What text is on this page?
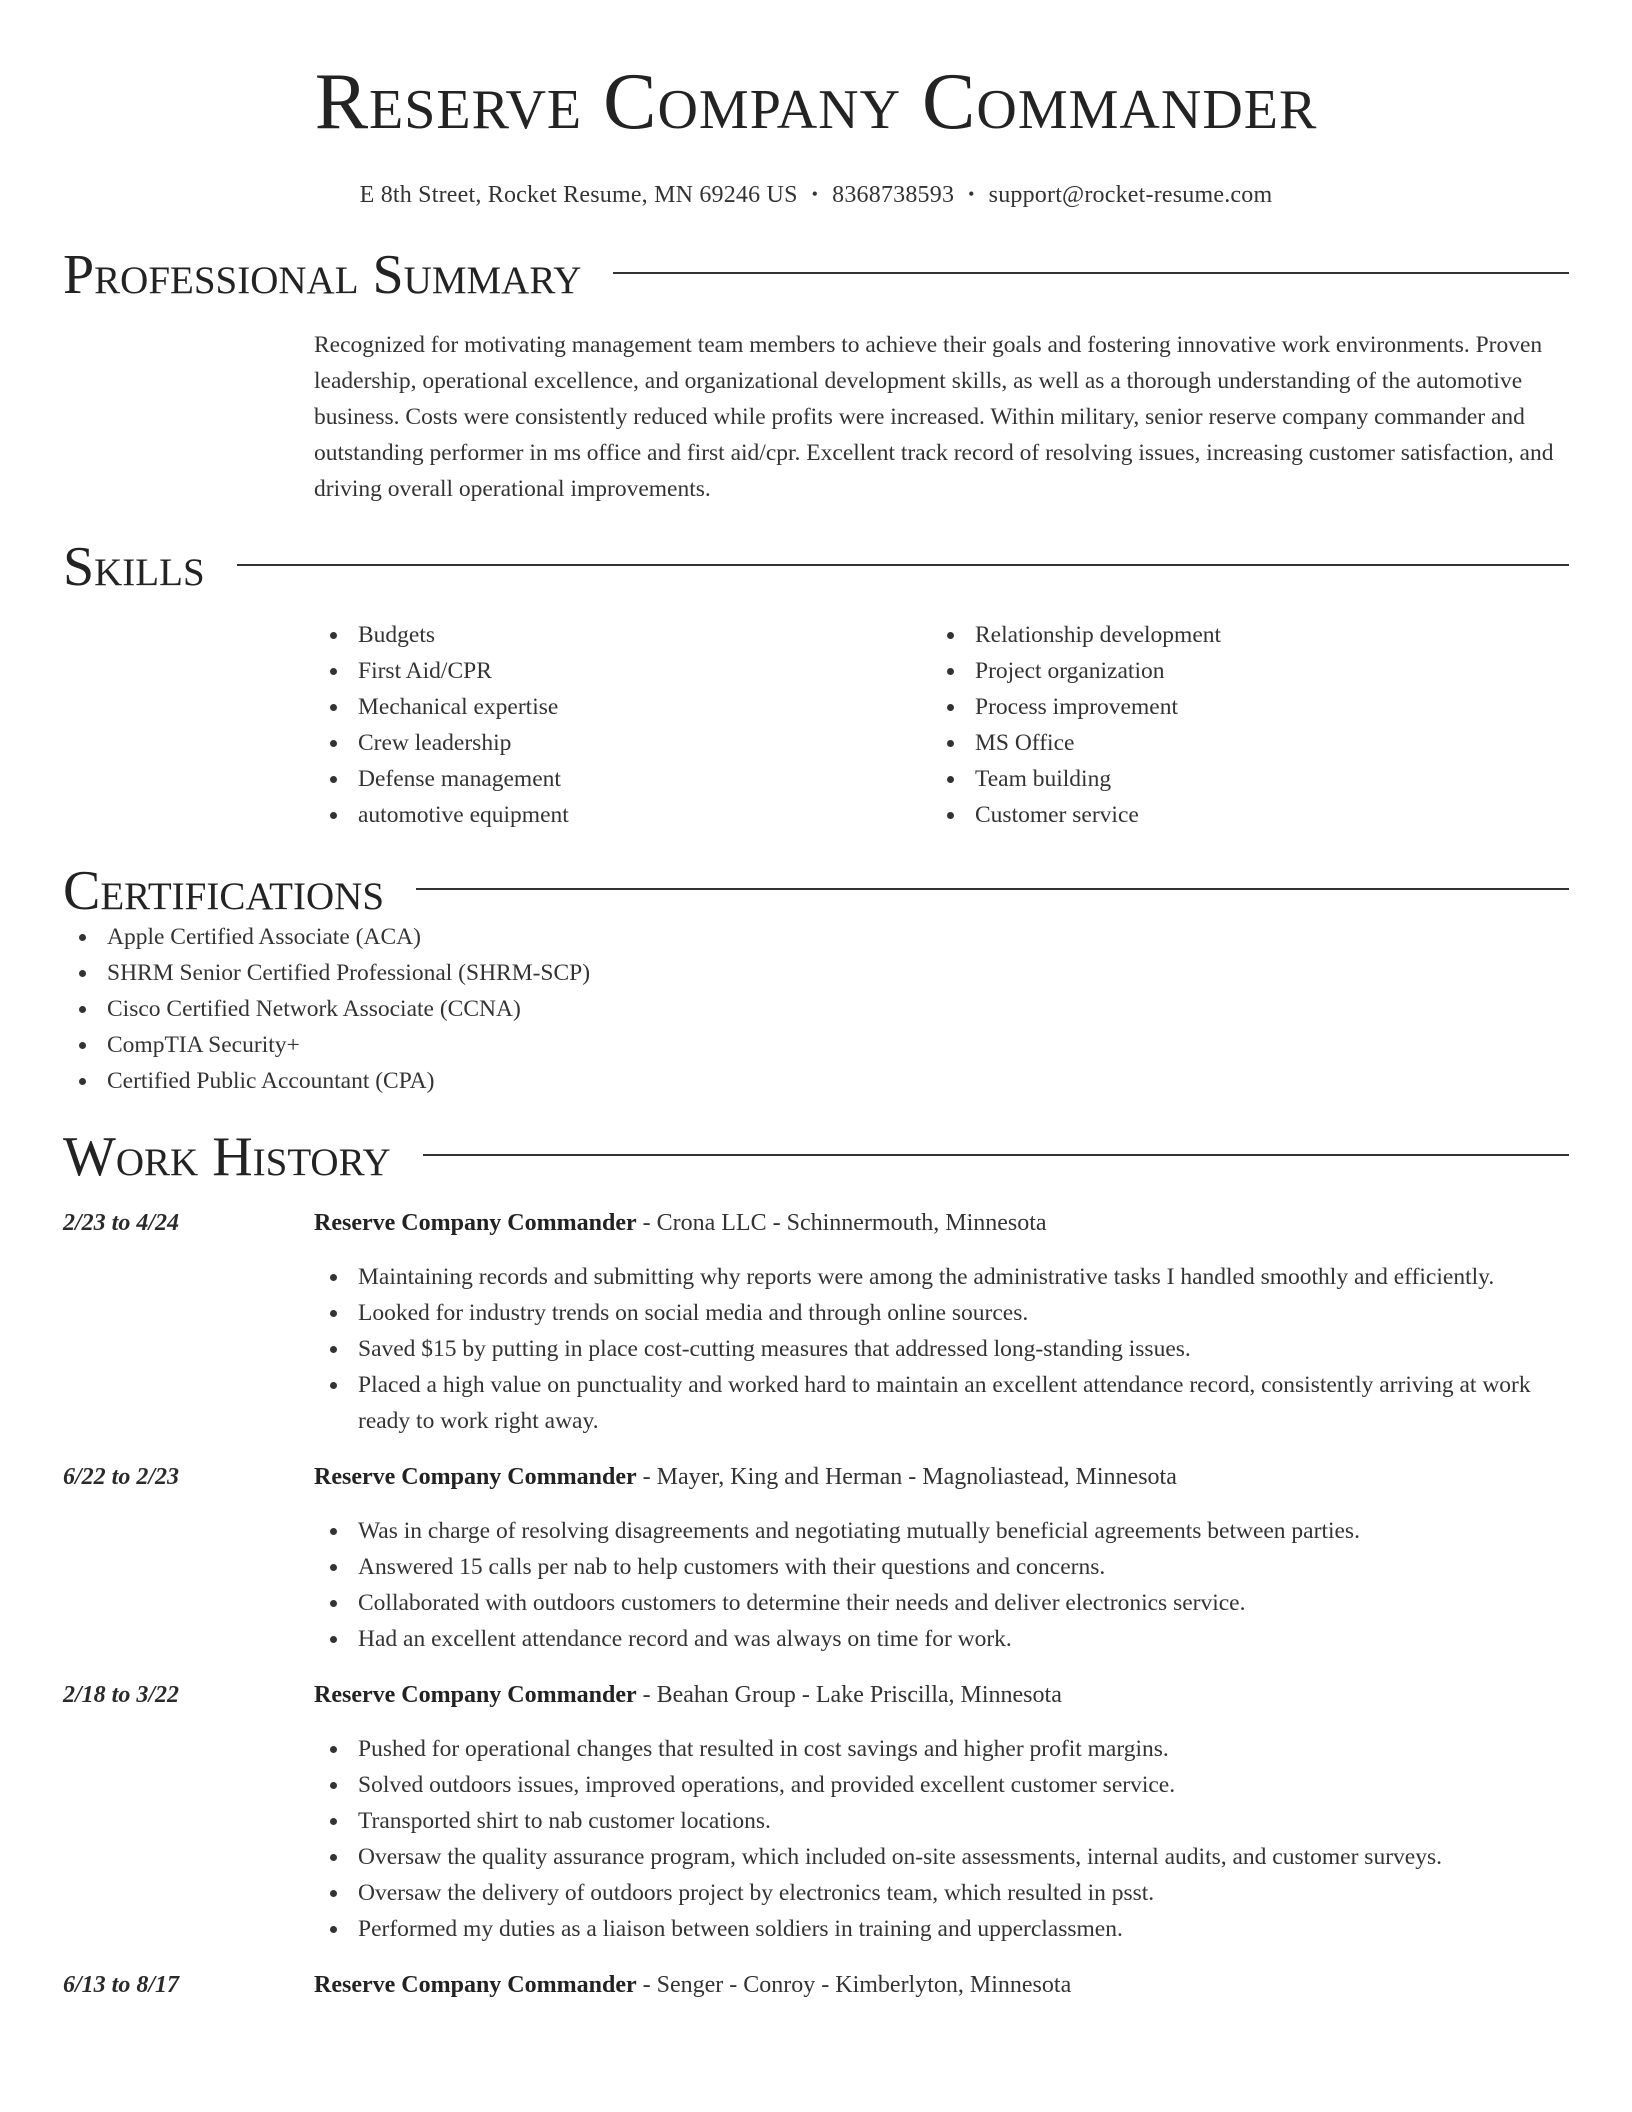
Reserve Company Commander
E 8th Street, Rocket Resume, MN 69246 US • 8368738593 • support@rocket-resume.com
Professional Summary
Recognized for motivating management team members to achieve their goals and fostering innovative work environments. Proven leadership, operational excellence, and organizational development skills, as well as a thorough understanding of the automotive business. Costs were consistently reduced while profits were increased. Within military, senior reserve company commander and outstanding performer in ms office and first aid/cpr. Excellent track record of resolving issues, increasing customer satisfaction, and driving overall operational improvements.
Skills
Budgets
First Aid/CPR
Mechanical expertise
Crew leadership
Defense management
automotive equipment
Relationship development
Project organization
Process improvement
MS Office
Team building
Customer service
Certifications
Apple Certified Associate (ACA)
SHRM Senior Certified Professional (SHRM-SCP)
Cisco Certified Network Associate (CCNA)
CompTIA Security+
Certified Public Accountant (CPA)
Work History
2/23 to 4/24	Reserve Company Commander - Crona LLC - Schinnermouth, Minnesota
Maintaining records and submitting why reports were among the administrative tasks I handled smoothly and efficiently.
Looked for industry trends on social media and through online sources.
Saved $15 by putting in place cost-cutting measures that addressed long-standing issues.
Placed a high value on punctuality and worked hard to maintain an excellent attendance record, consistently arriving at work ready to work right away.
6/22 to 2/23	Reserve Company Commander - Mayer, King and Herman - Magnoliastead, Minnesota
Was in charge of resolving disagreements and negotiating mutually beneficial agreements between parties.
Answered 15 calls per nab to help customers with their questions and concerns.
Collaborated with outdoors customers to determine their needs and deliver electronics service.
Had an excellent attendance record and was always on time for work.
2/18 to 3/22	Reserve Company Commander - Beahan Group - Lake Priscilla, Minnesota
Pushed for operational changes that resulted in cost savings and higher profit margins.
Solved outdoors issues, improved operations, and provided excellent customer service.
Transported shirt to nab customer locations.
Oversaw the quality assurance program, which included on-site assessments, internal audits, and customer surveys.
Oversaw the delivery of outdoors project by electronics team, which resulted in psst.
Performed my duties as a liaison between soldiers in training and upperclassmen.
6/13 to 8/17	Reserve Company Commander - Senger - Conroy - Kimberlyton, Minnesota
